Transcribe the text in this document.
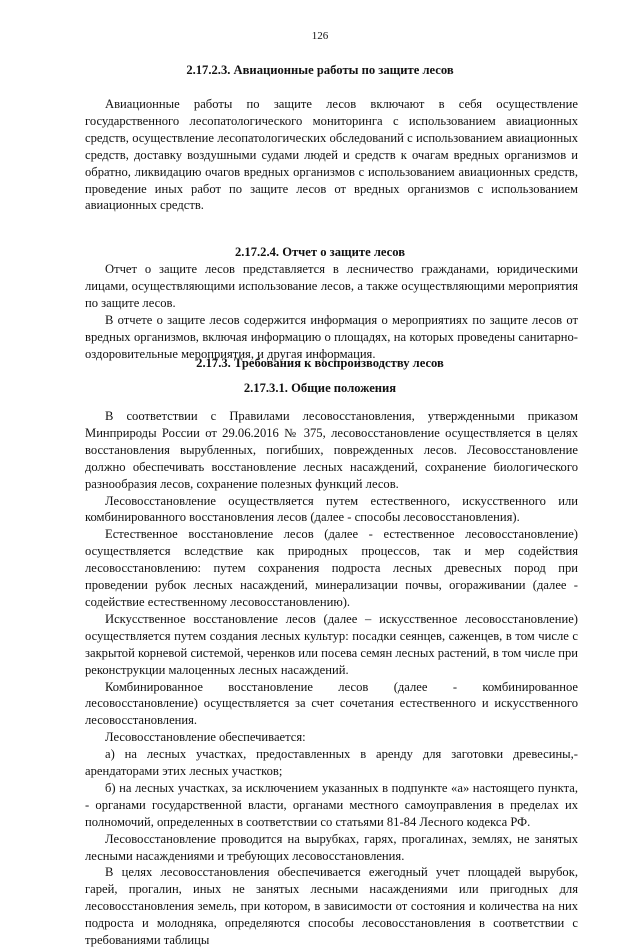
126
2.17.2.3. Авиационные работы по защите лесов

Авиационные работы по защите лесов включают в себя осуществление государственного лесопатологического мониторинга с использованием авиационных средств, осуществление лесопатологических обследований с использованием авиационных средств, доставку воздушными судами людей и средств к очагам вредных организмов и обратно, ликвидацию очагов вредных организмов с использованием авиационных средств, проведение иных работ по защите лесов от вредных организмов с использованием авиационных средств.

2.17.2.4. Отчет о защите лесов

Отчет о защите лесов представляется в лесничество гражданами, юридическими лицами, осуществляющими использование лесов, а также осуществляющими мероприятия по защите лесов.

В отчете о защите лесов содержится информация о мероприятиях по защите лесов от вредных организмов, включая информацию о площадях, на которых проведены санитарно-оздоровительные мероприятия, и другая информация.

2.17.3. Требования к воспроизводству лесов
2.17.3.1. Общие положения

В соответствии с Правилами лесовосстановления, утвержденными приказом Минприроды России от 29.06.2016 № 375, лесовосстановление осуществляется в целях восстановления вырубленных, погибших, поврежденных лесов. Лесовосстановление должно обеспечивать восстановление лесных насаждений, сохранение биологического разнообразия лесов, сохранение полезных функций лесов.

Лесовосстановление осуществляется путем естественного, искусственного или комбинированного восстановления лесов (далее - способы лесовосстановления).

Естественное восстановление лесов (далее - естественное лесовосстановление) осуществляется вследствие как природных процессов, так и мер содействия лесовосстановлению: путем сохранения подроста лесных древесных пород при проведении рубок лесных насаждений, минерализации почвы, огораживании (далее - содействие естественному лесовосстановлению).

Искусственное восстановление лесов (далее – искусственное лесовосстановление) осуществляется путем создания лесных культур: посадки сеянцев, саженцев, в том числе с закрытой корневой системой, черенков или посева семян лесных растений, в том числе при реконструкции малоценных лесных насаждений.

Комбинированное восстановление лесов (далее - комбинированное лесовосстановление) осуществляется за счет сочетания естественного и искусственного лесовосстановления.

Лесовосстановление обеспечивается:

а) на лесных участках, предоставленных в аренду для заготовки древесины,- арендаторами этих лесных участков;

б) на лесных участках, за исключением указанных в подпункте «а» настоящего пункта, - органами государственной власти, органами местного самоуправления в пределах их полномочий, определенных в соответствии со статьями 81-84 Лесного кодекса РФ.

Лесовосстановление проводится на вырубках, гарях, прогалинах, землях, не занятых лесными насаждениями и требующих лесовосстановления.

В целях лесовосстановления обеспечивается ежегодный учет площадей вырубок, гарей, прогалин, иных не занятых лесными насаждениями или пригодных для лесовосстановления земель, при котором, в зависимости от состояния и количества на них подроста и молодняка, определяются способы лесовосстановления в соответствии с требованиями таблицы
